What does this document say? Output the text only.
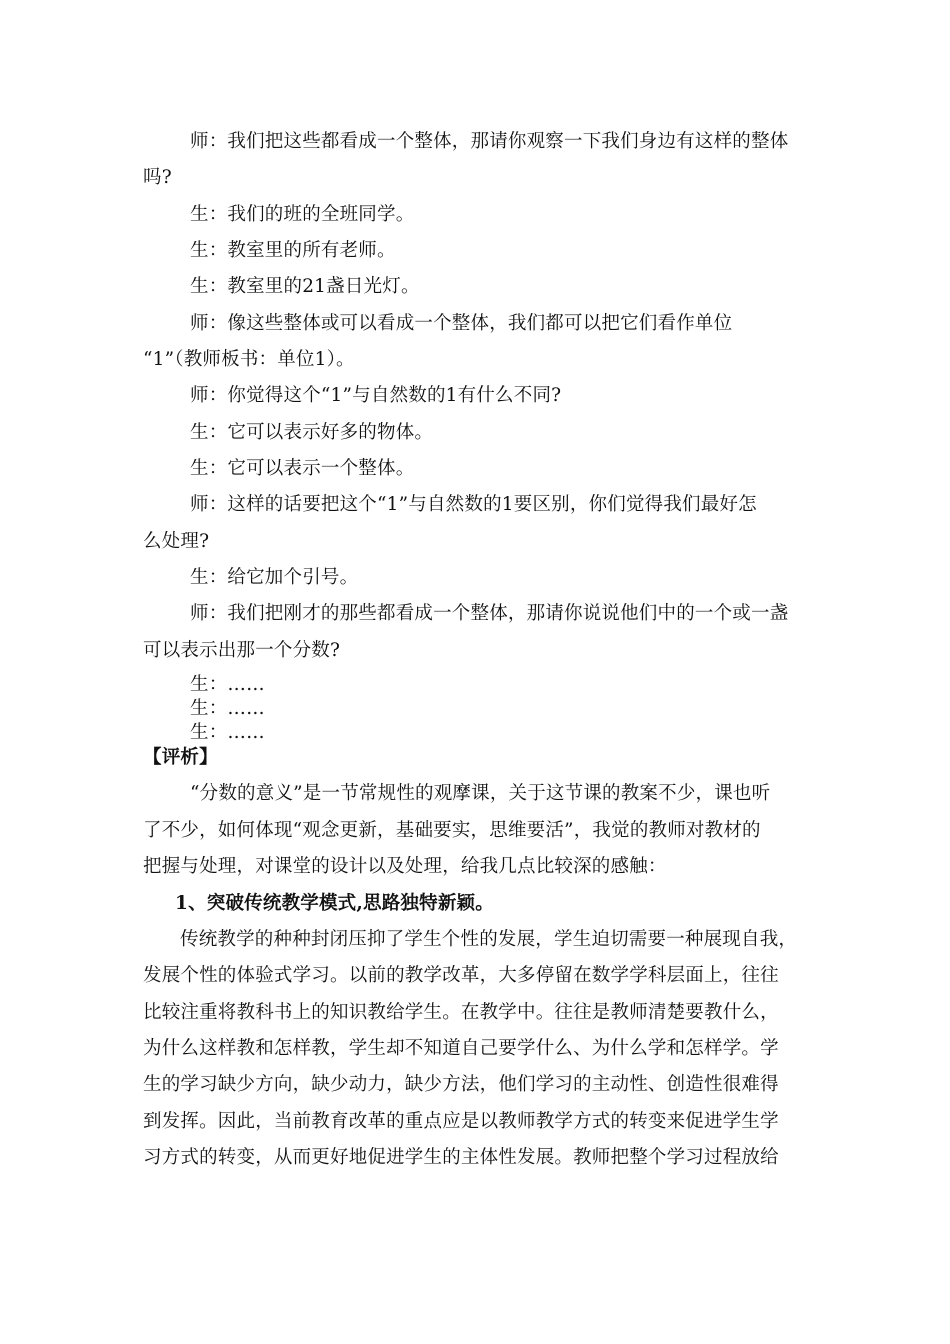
师：我们把这些都看成一个整体，那请你观察一下我们身边有这样的整体
吗?
生：我们的班的全班同学。
生：教室里的所有老师。
生：教室里的21盏日光灯。
师：像这些整体或可以看成一个整体，我们都可以把它们看作单位
“1”（教师板书：单位1）。
师：你觉得这个“1”与自然数的1有什么不同?
生：它可以表示好多的物体。
生：它可以表示一个整体。
师：这样的话要把这个“1”与自然数的1要区别，你们觉得我们最好怎
么处理?
生：给它加个引号。
师：我们把刚才的那些都看成一个整体，那请你说说他们中的一个或一盏
可以表示出那一个分数?
生：……
生：……
生：……
【评析】
“分数的意义”是一节常规性的观摩课，关于这节课的教案不少，课也听
了不少，如何体现“观念更新，基础要实，思维要活”，我觉的教师对教材的
把握与处理，对课堂的设计以及处理，给我几点比较深的感触：
1、突破传统教学模式,思路独特新颖。
传统教学的种种封闭压抑了学生个性的发展，学生迫切需要一种展现自我，
发展个性的体验式学习。以前的教学改革，大多停留在数学学科层面上，往往
比较注重将教科书上的知识教给学生。在教学中。往往是教师清楚要教什么，
为什么这样教和怎样教，学生却不知道自己要学什么、为什么学和怎样学。学
生的学习缺少方向，缺少动力，缺少方法，他们学习的主动性、创造性很难得
到发挥。因此，当前教育改革的重点应是以教师教学方式的转变来促进学生学
习方式的转变，从而更好地促进学生的主体性发展。教师把整个学习过程放给
